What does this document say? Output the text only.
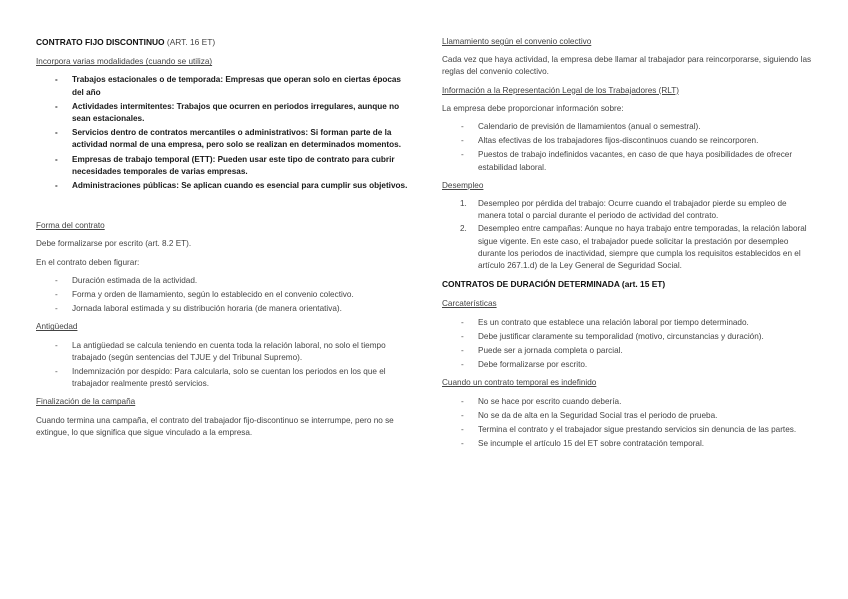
CONTRATO FIJO DISCONTINUO (ART. 16 ET)
Incorpora varias modalidades (cuando se utiliza)
- Trabajos estacionales o de temporada: Empresas que operan solo en ciertas épocas del año
- Actividades intermitentes: Trabajos que ocurren en periodos irregulares, aunque no sean estacionales.
- Servicios dentro de contratos mercantiles o administrativos: Si forman parte de la actividad normal de una empresa, pero solo se realizan en determinados momentos.
- Empresas de trabajo temporal (ETT): Pueden usar este tipo de contrato para cubrir necesidades temporales de varias empresas.
- Administraciones públicas: Se aplican cuando es esencial para cumplir sus objetivos.
Forma del contrato
Debe formalizarse por escrito (art. 8.2 ET).
En el contrato deben figurar:
- Duración estimada de la actividad.
- Forma y orden de llamamiento, según lo establecido en el convenio colectivo.
- Jornada laboral estimada y su distribución horaria (de manera orientativa).
Antigüedad
- La antigüedad se calcula teniendo en cuenta toda la relación laboral, no solo el tiempo trabajado (según sentencias del TJUE y del Tribunal Supremo).
- Indemnización por despido: Para calcularla, solo se cuentan los periodos en los que el trabajador realmente prestó servicios.
Finalización de la campaña
Cuando termina una campaña, el contrato del trabajador fijo-discontinuo se interrumpe, pero no se extingue, lo que significa que sigue vinculado a la empresa.
Llamamiento según el convenio colectivo
Cada vez que haya actividad, la empresa debe llamar al trabajador para reincorporarse, siguiendo las reglas del convenio colectivo.
Información a la Representación Legal de los Trabajadores (RLT)
La empresa debe proporcionar información sobre:
- Calendario de previsión de llamamientos (anual o semestral).
- Altas efectivas de los trabajadores fijos-discontinuos cuando se reincorporen.
- Puestos de trabajo indefinidos vacantes, en caso de que haya posibilidades de ofrecer estabilidad laboral.
Desempleo
1. Desempleo por pérdida del trabajo: Ocurre cuando el trabajador pierde su empleo de manera total o parcial durante el periodo de actividad del contrato.
2. Desempleo entre campañas: Aunque no haya trabajo entre temporadas, la relación laboral sigue vigente. En este caso, el trabajador puede solicitar la prestación por desempleo durante los periodos de inactividad, siempre que cumpla los requisitos establecidos en el artículo 267.1.d) de la Ley General de Seguridad Social.
CONTRATOS DE DURACIÓN DETERMINADA (art. 15 ET)
Carcaterísticas
- Es un contrato que establece una relación laboral por tiempo determinado.
- Debe justificar claramente su temporalidad (motivo, circunstancias y duración).
- Puede ser a jornada completa o parcial.
- Debe formalizarse por escrito.
Cuando un contrato temporal es indefinido
- No se hace por escrito cuando debería.
- No se da de alta en la Seguridad Social tras el periodo de prueba.
- Termina el contrato y el trabajador sigue prestando servicios sin denuncia de las partes.
- Se incumple el artículo 15 del ET sobre contratación temporal.
